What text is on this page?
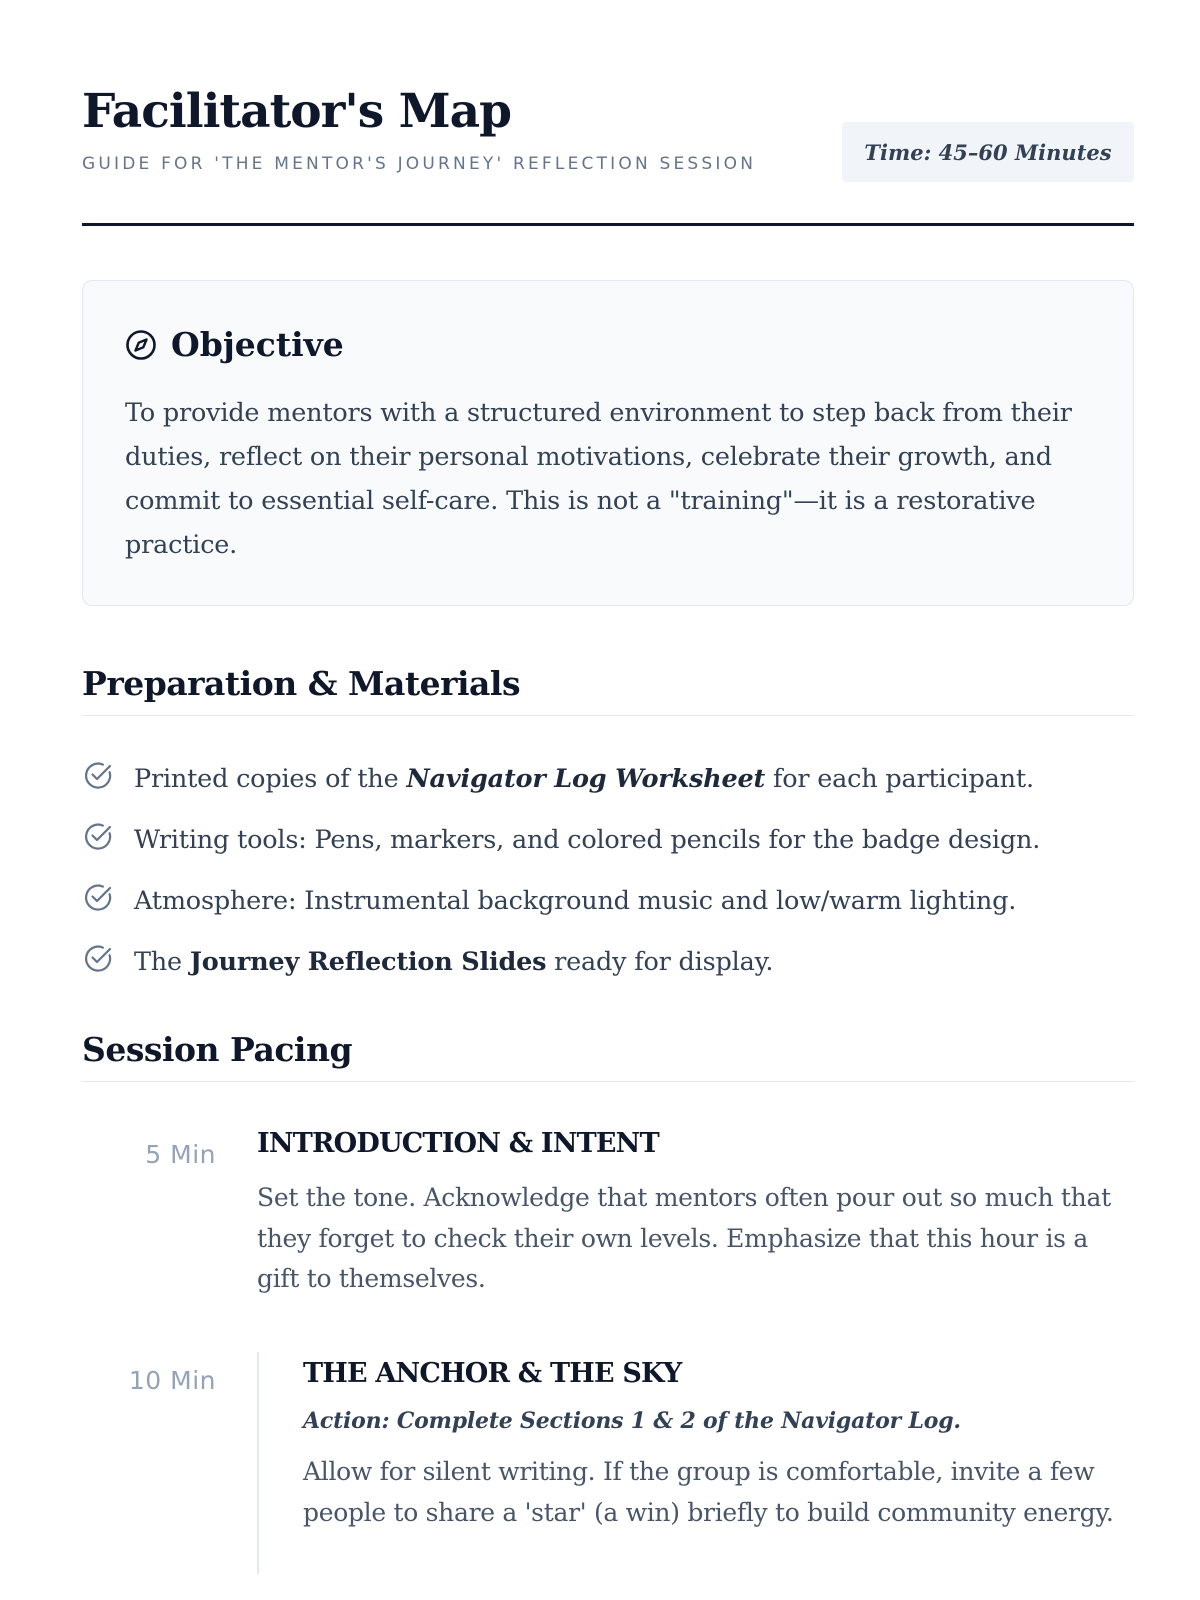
Facilitator's Map
GUIDE FOR 'THE MENTOR'S JOURNEY' REFLECTION SESSION	Time: 45–60 Minutes
Objective

To provide mentors with a structured environment to step back from their duties, reflect on their personal motivations, celebrate their growth, and commit to essential self-care. This is not a "training"—it is a restorative practice.

Preparation & Materials
Printed copies of the Navigator Log Worksheet for each participant.
Writing tools: Pens, markers, and colored pencils for the badge design.
Atmosphere: Instrumental background music and low/warm lighting.
The Journey Reflection Slides ready for display.
Session Pacing
5 Min INTRODUCTION & INTENT

Set the tone. Acknowledge that mentors often pour out so much that they forget to check their own levels. Emphasize that this hour is a gift to themselves.

10 Min	THE ANCHOR & THE SKY
Action: Complete Sections 1 & 2 of the Navigator Log.

Allow for silent writing. If the group is comfortable, invite a few people to share a 'star' (a win) briefly to build community energy.
